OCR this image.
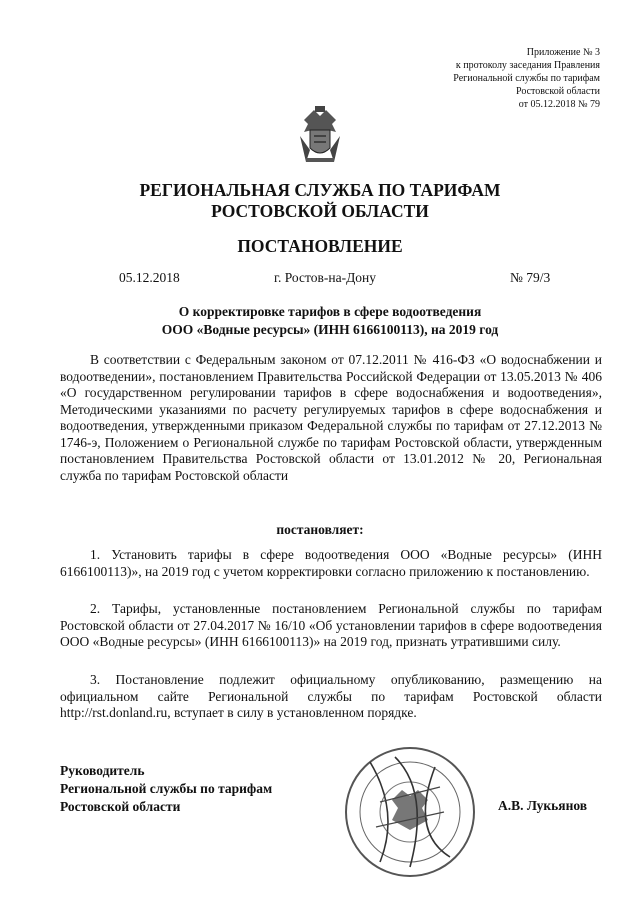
Приложение № 3
к протоколу заседания Правления
Региональной службы по тарифам
Ростовской области
от 05.12.2018 № 79
РЕГИОНАЛЬНАЯ СЛУЖБА ПО ТАРИФАМ
РОСТОВСКОЙ ОБЛАСТИ
ПОСТАНОВЛЕНИЕ
05.12.2018	г. Ростов-на-Дону	№ 79/3
О корректировке тарифов в сфере водоотведения
ООО «Водные ресурсы» (ИНН 6166100113), на 2019 год
В соответствии с Федеральным законом от 07.12.2011 № 416-ФЗ «О водоснабжении и водоотведении», постановлением Правительства Российской Федерации от 13.05.2013 № 406 «О государственном регулировании тарифов в сфере водоснабжения и водоотведения», Методическими указаниями по расчету регулируемых тарифов в сфере водоснабжения и водоотведения, утвержденными приказом Федеральной службы по тарифам от 27.12.2013 № 1746-э, Положением о Региональной службе по тарифам Ростовской области, утвержденным постановлением Правительства Ростовской области от 13.01.2012 № 20, Региональная служба по тарифам Ростовской области
постановляет:
1. Установить тарифы в сфере водоотведения ООО «Водные ресурсы» (ИНН 6166100113)», на 2019 год с учетом корректировки согласно приложению к постановлению.
2. Тарифы, установленные постановлением Региональной службы по тарифам Ростовской области от 27.04.2017 № 16/10 «Об установлении тарифов в сфере водоотведения ООО «Водные ресурсы» (ИНН 6166100113)» на 2019 год, признать утратившими силу.
3. Постановление подлежит официальному опубликованию, размещению на официальном сайте Региональной службы по тарифам Ростовской области http://rst.donland.ru, вступает в силу в установленном порядке.
Руководитель
Региональной службы по тарифам
Ростовской области	А.В. Лукьянов
